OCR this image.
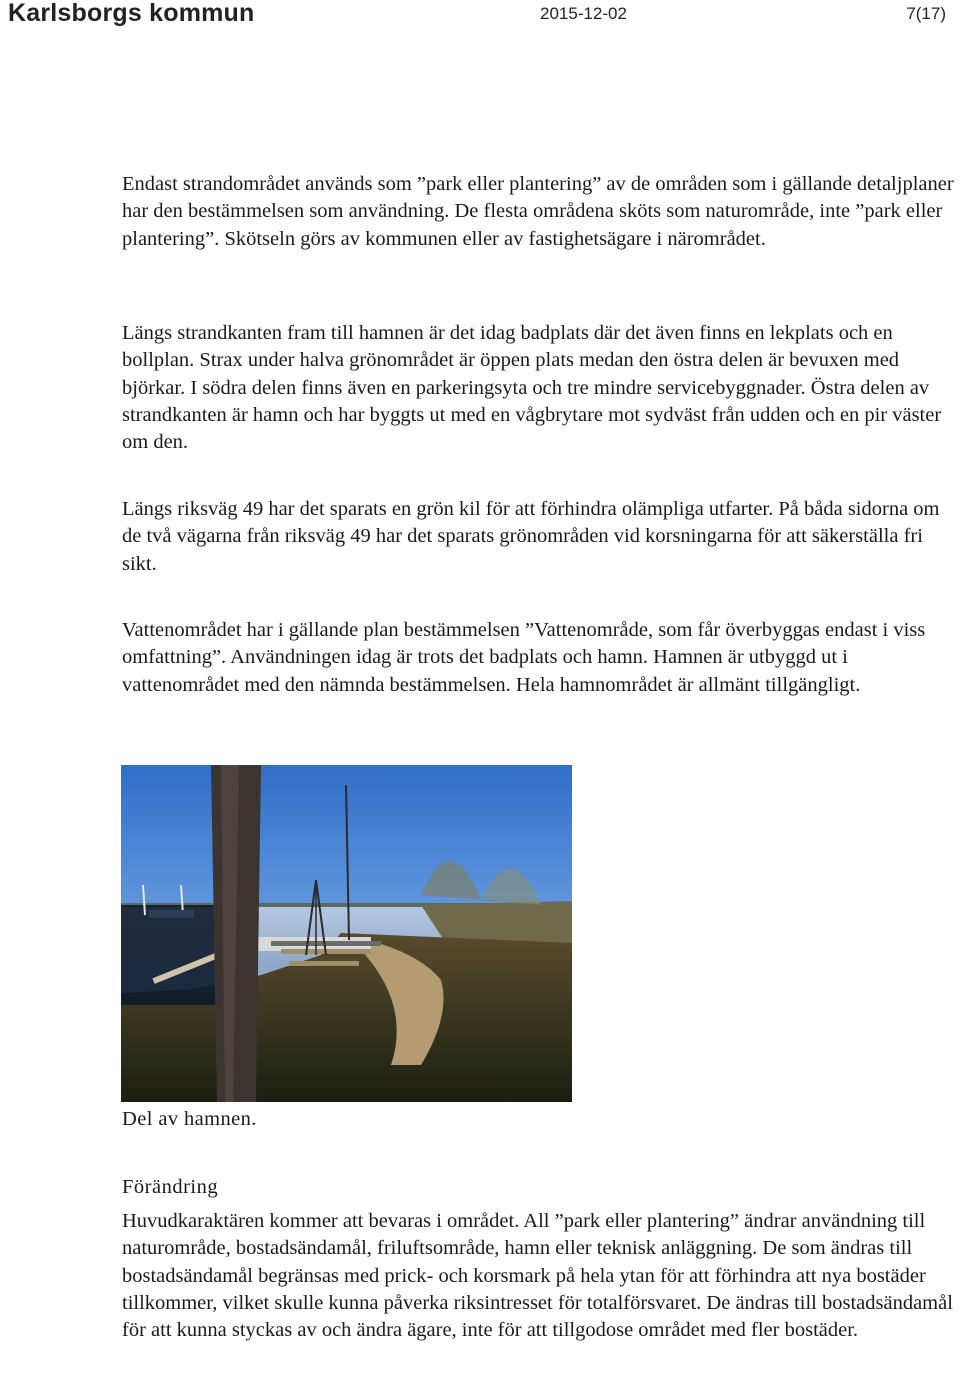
Karlsborgs kommun	2015-12-02	7(17)

Endast strandområdet används som ”park eller plantering” av de områden som i gällande detaljplaner har den bestämmelsen som användning. De flesta områdena sköts som naturområde, inte ”park eller plantering”. Skötseln görs av kommunen eller av fastighetsägare i närområdet.

Längs strandkanten fram till hamnen är det idag badplats där det även finns en lekplats och en bollplan. Strax under halva grönområdet är öppen plats medan den östra delen är bevuxen med björkar. I södra delen finns även en parkeringsyta och tre mindre servicebyggnader. Östra delen av strandkanten är hamn och har byggts ut med en vågbrytare mot sydväst från udden och en pir väster om den.

Längs riksväg 49 har det sparats en grön kil för att förhindra olämpliga utfarter. På båda sidorna om de två vägarna från riksväg 49 har det sparats grönområden vid korsningarna för att säkerställa fri sikt.

Vattenområdet har i gällande plan bestämmelsen ”Vattenområde, som får överbyggas endast i viss omfattning”. Användningen idag är trots det badplats och hamn. Hamnen är utbyggd ut i vattenområdet med den nämnda bestämmelsen. Hela hamnområdet är allmänt tillgängligt.

Del av hamnen.
Förändring

Huvudkaraktären kommer att bevaras i området. All ”park eller plantering” ändrar användning till naturområde, bostadsändamål, friluftsområde, hamn eller teknisk anläggning. De som ändras till bostadsändamål begränsas med prick- och korsmark på hela ytan för att förhindra att nya bostäder tillkommer, vilket skulle kunna påverka riksintresset för totalförsvaret. De ändras till bostadsändamål för att kunna styckas av och ändra ägare, inte för att tillgodose området med fler bostäder.
